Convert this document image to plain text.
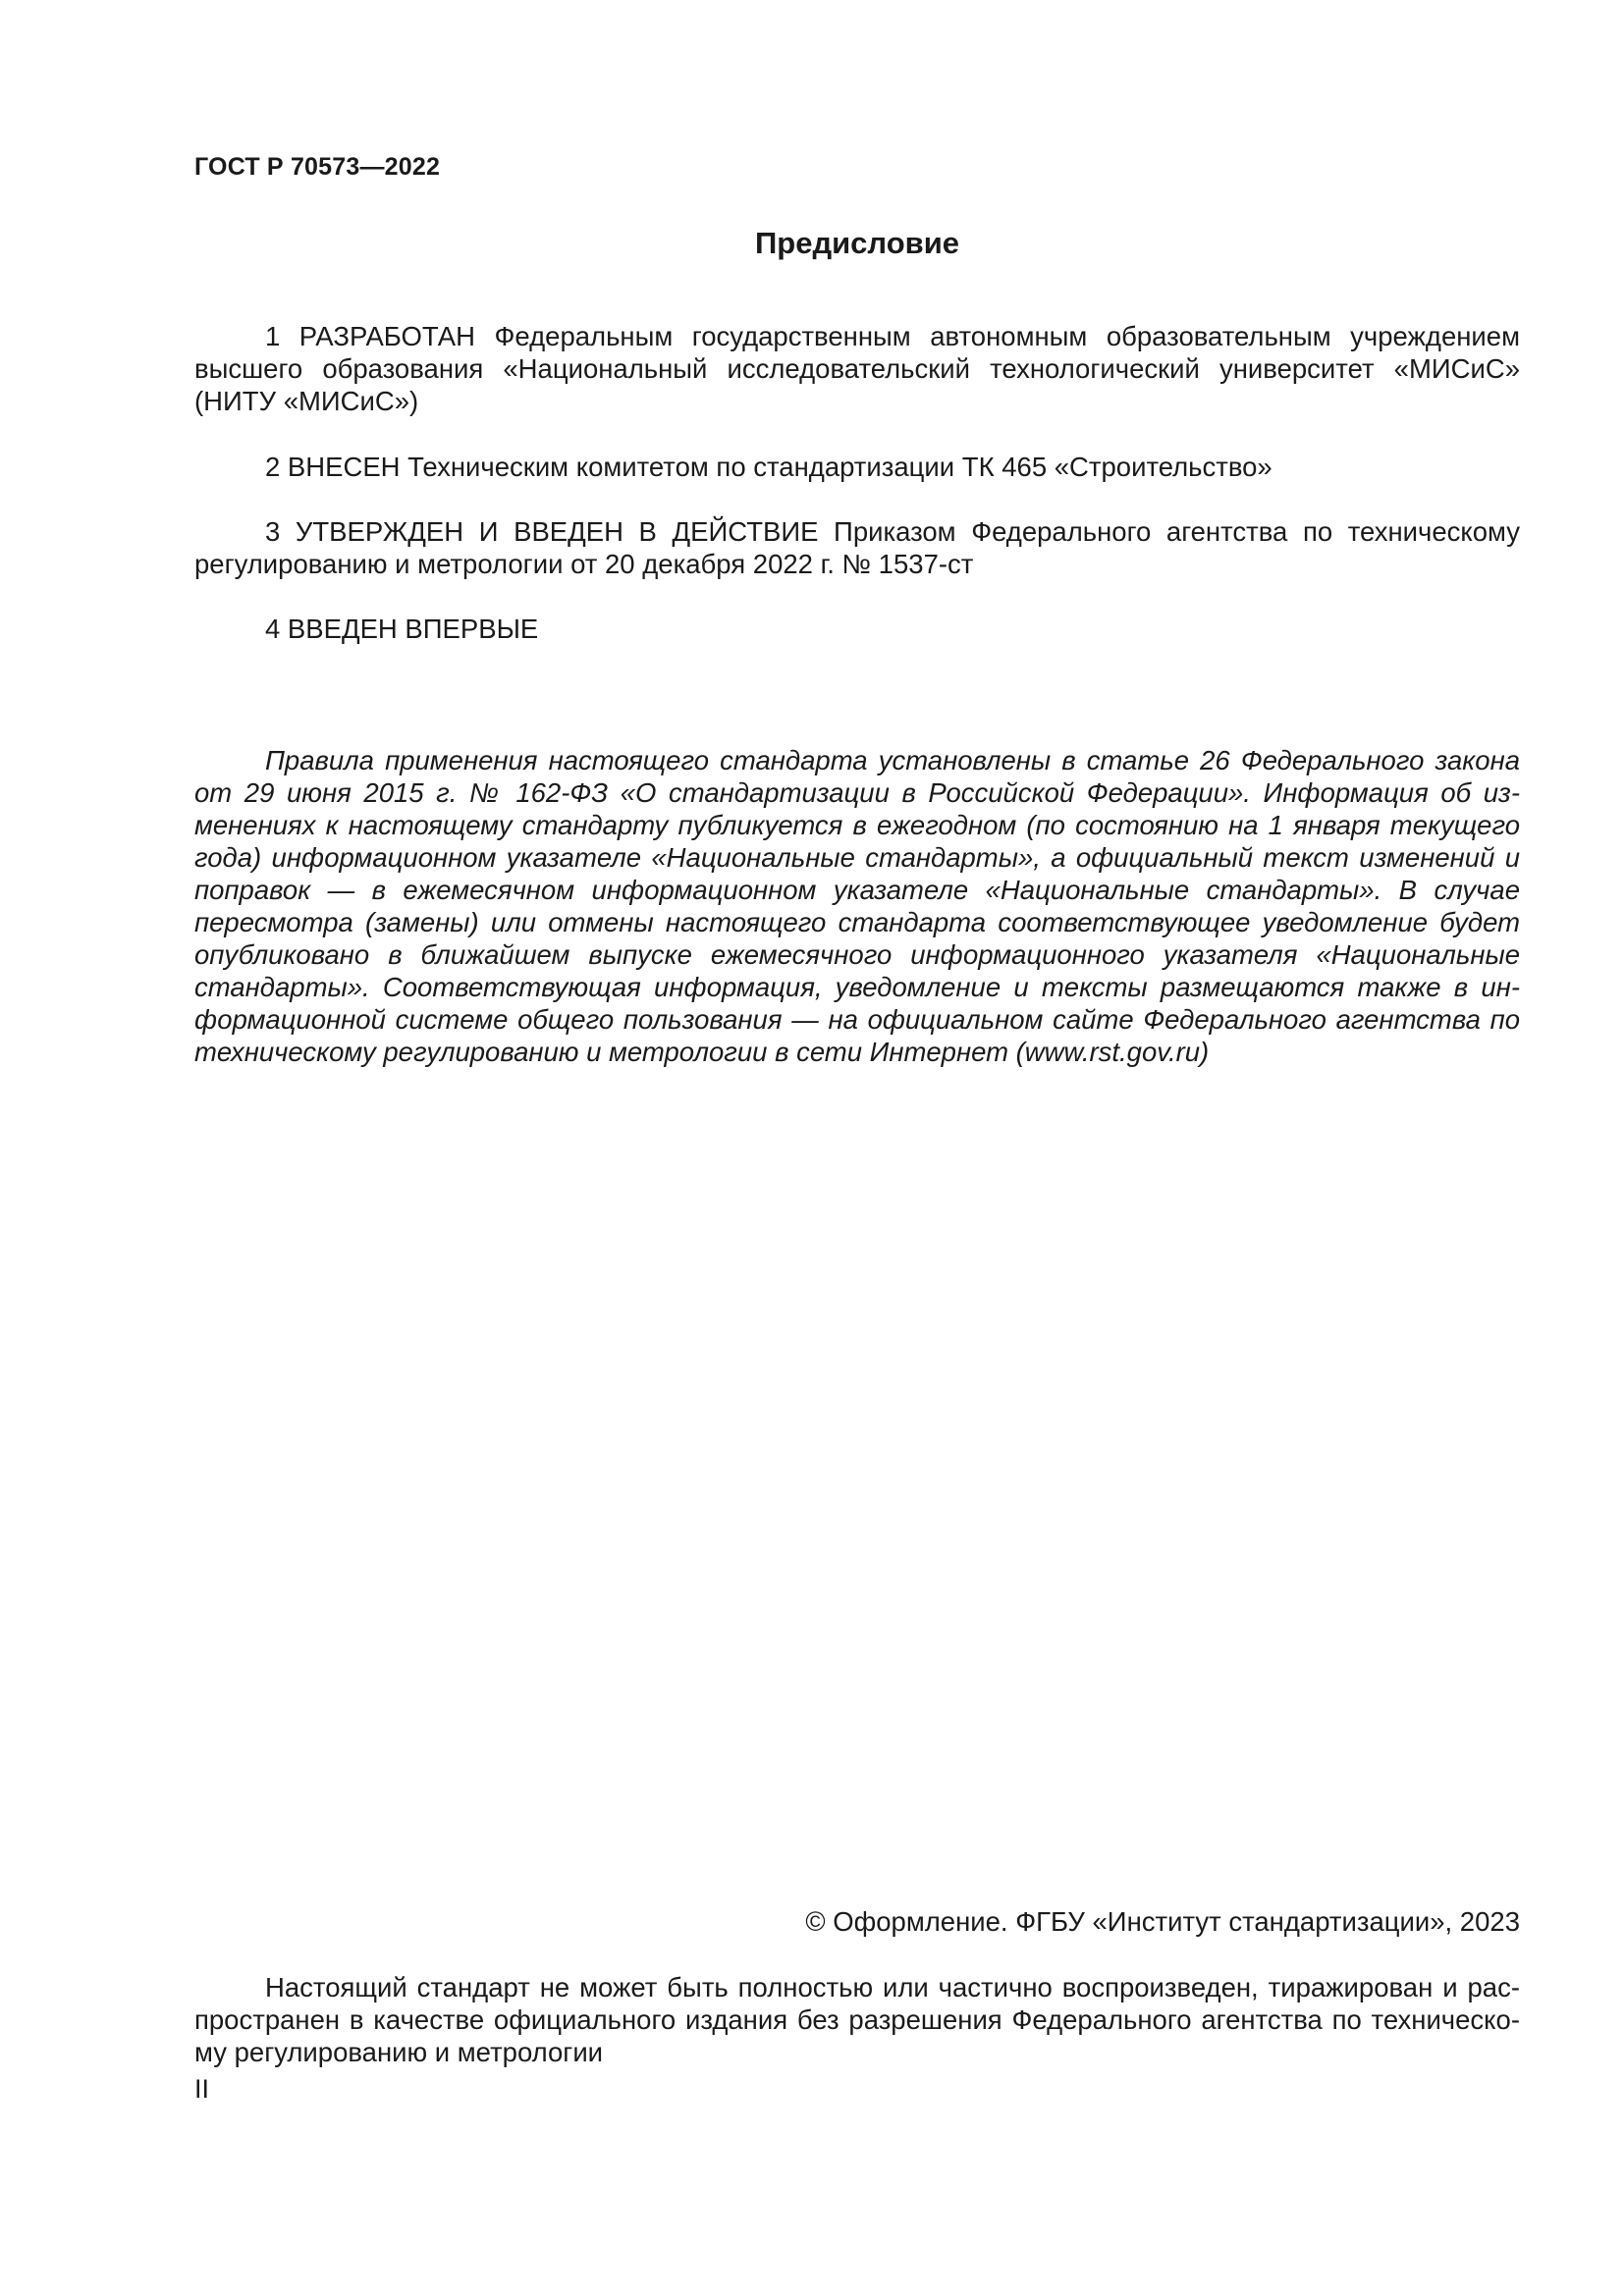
ГОСТ Р 70573—2022
Предисловие

1 РАЗРАБОТАН Федеральным государственным автономным образовательным учреждением высшего образования «Национальный исследовательский технологический университет «МИСиС» (НИТУ «МИСиС»)

2 ВНЕСЕН Техническим комитетом по стандартизации ТК 465 «Строительство»

3 УТВЕРЖДЕН И ВВЕДЕН В ДЕЙСТВИЕ Приказом Федерального агентства по техническому регулированию и метрологии от 20 декабря 2022 г. № 1537-ст

4 ВВЕДЕН ВПЕРВЫЕ

Правила применения настоящего стандарта установлены в статье 26 Федерального закона от 29 июня 2015 г. № 162-ФЗ «О стандартизации в Российской Федерации». Информация об изменениях к настоящему стандарту публикуется в ежегодном (по состоянию на 1 января текущего года) информационном указателе «Национальные стандарты», а официальный текст изменений и поправок — в ежемесячном информационном указателе «Национальные стандарты». В случае пересмотра (замены) или отмены настоящего стандарта соответствующее уведомление будет опубликовано в ближайшем выпуске ежемесячного информационного указателя «Национальные стандарты». Соответствующая информация, уведомление и тексты размещаются также в информационной системе общего пользования — на официальном сайте Федерального агентства по техническому регулированию и метрологии в сети Интернет (www.rst.gov.ru)

© Оформление. ФГБУ «Институт стандартизации», 2023

Настоящий стандарт не может быть полностью или частично воспроизведен, тиражирован и распространен в качестве официального издания без разрешения Федерального агентства по техническому регулированию и метрологии

II
